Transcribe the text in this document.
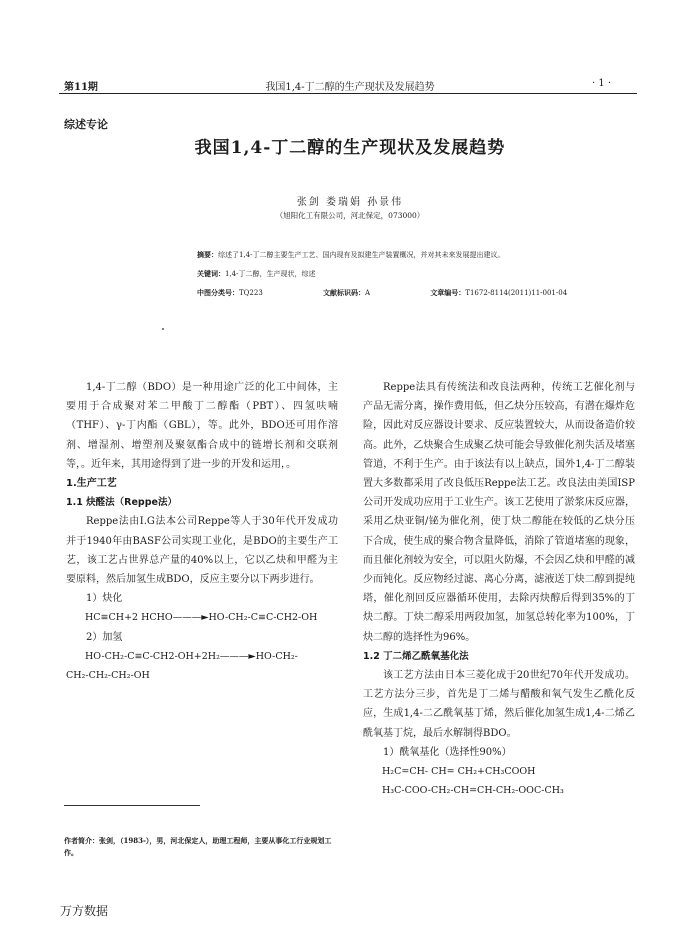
第11期	我国1,4-丁二醇的生产现状及发展趋势	· 1 ·
综述专论
我国1,4-丁二醇的生产现状及发展趋势
张剑 娄瑞娟 孙景伟
（旭阳化工有限公司，河北保定，073000）
摘要：综述了1,4-丁二醇主要生产工艺、国内现有及拟建生产装置概况，并对其未来发展提出建议。
关键词：1,4-丁二醇，生产现状，综述
中图分类号：TQ223	文献标识码：A	文章编号：T1672-8114(2011)11-001-04

1,4-丁二醇（BDO）是一种用途广泛的化工中间体，主要用于合成聚对苯二甲酸丁二醇酯（PBT）、四氢呋喃（THF）、γ-丁内酯（GBL），等。此外，BDO还可用作溶剂、增湿剂、增塑剂及聚氨酯合成中的链增长剂和交联剂等，。近年来，其用途得到了进一步的开发和运用，。

1.生产工艺

1.1 炔醛法（Reppe法）

Reppe法由I.G法本公司Reppe等人于30年代开发成功并于1940年由BASF公司实现工业化，是BDO的主要生产工艺，该工艺占世界总产量的40%以上，它以乙炔和甲醛为主要原料，然后加氢生成BDO，反应主要分以下两步进行。

1）炔化

HC≡CH+2 HCHO———►HO-CH₂-C≡C-CH2-OH

2）加氢

HO-CH₂-C≡C-CH2-OH+2H₂———►HO-CH₂-

CH₂-CH₂-CH₂-OH

Reppe法具有传统法和改良法两种，传统工艺催化剂与产品无需分离，操作费用低，但乙炔分压较高，有潜在爆炸危险，因此对反应器设计要求、反应装置较大，从而设备造价较高。此外，乙炔聚合生成聚乙炔可能会导致催化剂失活及堵塞管道，不利于生产。由于该法有以上缺点，国外1,4-丁二醇装置大多数都采用了改良低压Reppe法工艺。改良法由美国ISP公司开发成功应用于工业生产。该工艺使用了淤浆床反应器，采用乙炔亚铜/铋为催化剂，使丁炔二醇能在较低的乙炔分压下合成，使生成的聚合物含量降低，消除了管道堵塞的现象，而且催化剂较为安全，可以阻火防爆，不会因乙炔和甲醛的减少而钝化。反应物经过滤、离心分离，滤液送丁炔二醇到提纯塔，催化剂回反应器循环使用，去除丙炔醇后得到35%的丁炔二醇。丁炔二醇采用两段加氢，加氢总转化率为100%，丁炔二醇的选择性为96%。

1.2 丁二烯乙酰氧基化法

该工艺方法由日本三菱化成于20世纪70年代开发成功。工艺方法分三步，首先是丁二烯与醋酸和氧气发生乙酰化反应，生成1,4-二乙酰氧基丁烯，然后催化加氢生成1,4-二烯乙酰氧基丁烷，最后水解制得BDO。

1）酰氧基化（选择性90%）

H₂C=CH- CH= CH₂+CH₃COOH

H₃C-COO-CH₂-CH=CH-CH₂-OOC-CH₃

作者简介：张剑，（1983-），男，河北保定人，助理工程师，主要从事化工行业规划工作。
万方数据
